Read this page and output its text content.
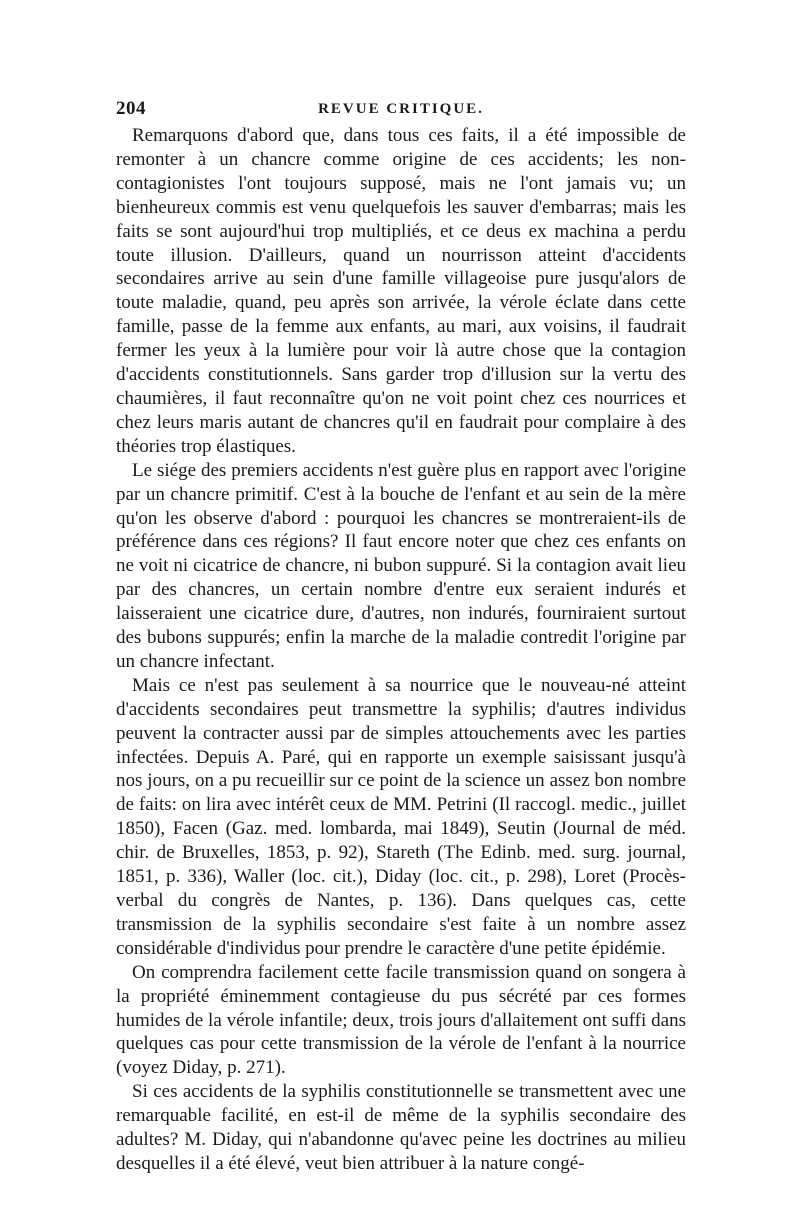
204	REVUE CRITIQUE.

Remarquons d'abord que, dans tous ces faits, il a été impossible de remonter à un chancre comme origine de ces accidents; les non-contagionistes l'ont toujours supposé, mais ne l'ont jamais vu; un bienheureux commis est venu quelquefois les sauver d'embarras; mais les faits se sont aujourd'hui trop multipliés, et ce deus ex machina a perdu toute illusion. D'ailleurs, quand un nourrisson atteint d'accidents secondaires arrive au sein d'une famille villageoise pure jusqu'alors de toute maladie, quand, peu après son arrivée, la vérole éclate dans cette famille, passe de la femme aux enfants, au mari, aux voisins, il faudrait fermer les yeux à la lumière pour voir là autre chose que la contagion d'accidents constitutionnels. Sans garder trop d'illusion sur la vertu des chaumières, il faut reconnaître qu'on ne voit point chez ces nourrices et chez leurs maris autant de chancres qu'il en faudrait pour complaire à des théories trop élastiques.

Le siége des premiers accidents n'est guère plus en rapport avec l'origine par un chancre primitif. C'est à la bouche de l'enfant et au sein de la mère qu'on les observe d'abord : pourquoi les chancres se montreraient-ils de préférence dans ces régions? Il faut encore noter que chez ces enfants on ne voit ni cicatrice de chancre, ni bubon suppuré. Si la contagion avait lieu par des chancres, un certain nombre d'entre eux seraient indurés et laisseraient une cicatrice dure, d'autres, non indurés, fourniraient surtout des bubons suppurés; enfin la marche de la maladie contredit l'origine par un chancre infectant.

Mais ce n'est pas seulement à sa nourrice que le nouveau-né atteint d'accidents secondaires peut transmettre la syphilis; d'autres individus peuvent la contracter aussi par de simples attouchements avec les parties infectées. Depuis A. Paré, qui en rapporte un exemple saisissant jusqu'à nos jours, on a pu recueillir sur ce point de la science un assez bon nombre de faits: on lira avec intérêt ceux de MM. Petrini (Il raccogl. medic., juillet 1850), Facen (Gaz. med. lombarda, mai 1849), Seutin (Journal de méd. chir. de Bruxelles, 1853, p. 92), Stareth (The Edinb. med. surg. journal, 1851, p. 336), Waller (loc. cit.), Diday (loc. cit., p. 298), Loret (Procès-verbal du congrès de Nantes, p. 136). Dans quelques cas, cette transmission de la syphilis secondaire s'est faite à un nombre assez considérable d'individus pour prendre le caractère d'une petite épidémie.

On comprendra facilement cette facile transmission quand on songera à la propriété éminemment contagieuse du pus sécrété par ces formes humides de la vérole infantile; deux, trois jours d'allaitement ont suffi dans quelques cas pour cette transmission de la vérole de l'enfant à la nourrice (voyez Diday, p. 271).

Si ces accidents de la syphilis constitutionnelle se transmettent avec une remarquable facilité, en est-il de même de la syphilis secondaire des adultes? M. Diday, qui n'abandonne qu'avec peine les doctrines au milieu desquelles il a été élevé, veut bien attribuer à la nature congé-
